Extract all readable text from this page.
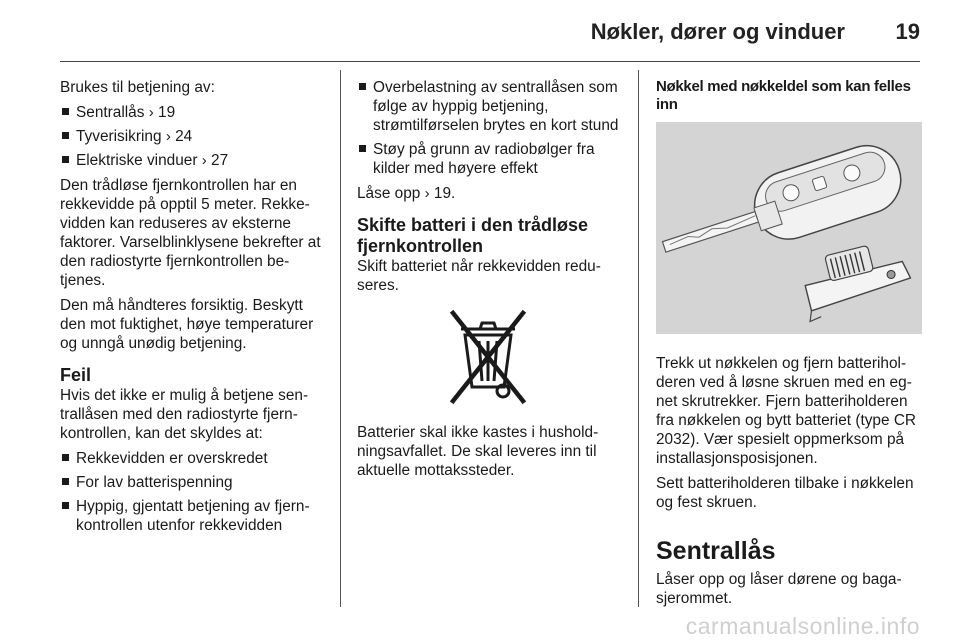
Nøkler, dører og vinduer 19

Brukes til betjening av:

Sentrallås › 19
Tyverisikring › 24
Elektriske vinduer › 27

Den trådløse fjernkontrollen har en rekkevidde på opptil 5 meter. Rekkevidden kan reduseres av eksterne faktorer. Varselblinklysene bekrefter at den radiostyrte fjernkontrollen betjenes.

Den må håndteres forsiktig. Beskytt den mot fuktighet, høye temperaturer og unngå unødig betjening.

Feil

Hvis det ikke er mulig å betjene sentrallåsen med den radiostyrte fjernkontrollen, kan det skyldes at:

Rekkevidden er overskredet
For lav batterispenning
Hyppig, gjentatt betjening av fjernkontrollen utenfor rekkevidden
Overbelastning av sentrallåsen som følge av hyppig betjening, strømtilførselen brytes en kort stund
Støy på grunn av radiobølger fra kilder med høyere effekt

Låse opp › 19.

Skifte batteri i den trådløse fjernkontrollen

Skift batteriet når rekkevidden reduseres.

Batterier skal ikke kastes i husholdningsavfallet. De skal leveres inn til aktuelle mottakssteder.

Nøkkel med nøkkeldel som kan felles inn

Trekk ut nøkkelen og fjern batteriholderen ved å løsne skruen med en egnet skrutrekker. Fjern batteriholderen fra nøkkelen og bytt batteriet (type CR 2032). Vær spesielt oppmerksom på installasjonsposisjonen.

Sett batteriholderen tilbake i nøkkelen og fest skruen.

Sentrallås

Låser opp og låser dørene og bagasjerommet.

carmanualsonline.info
